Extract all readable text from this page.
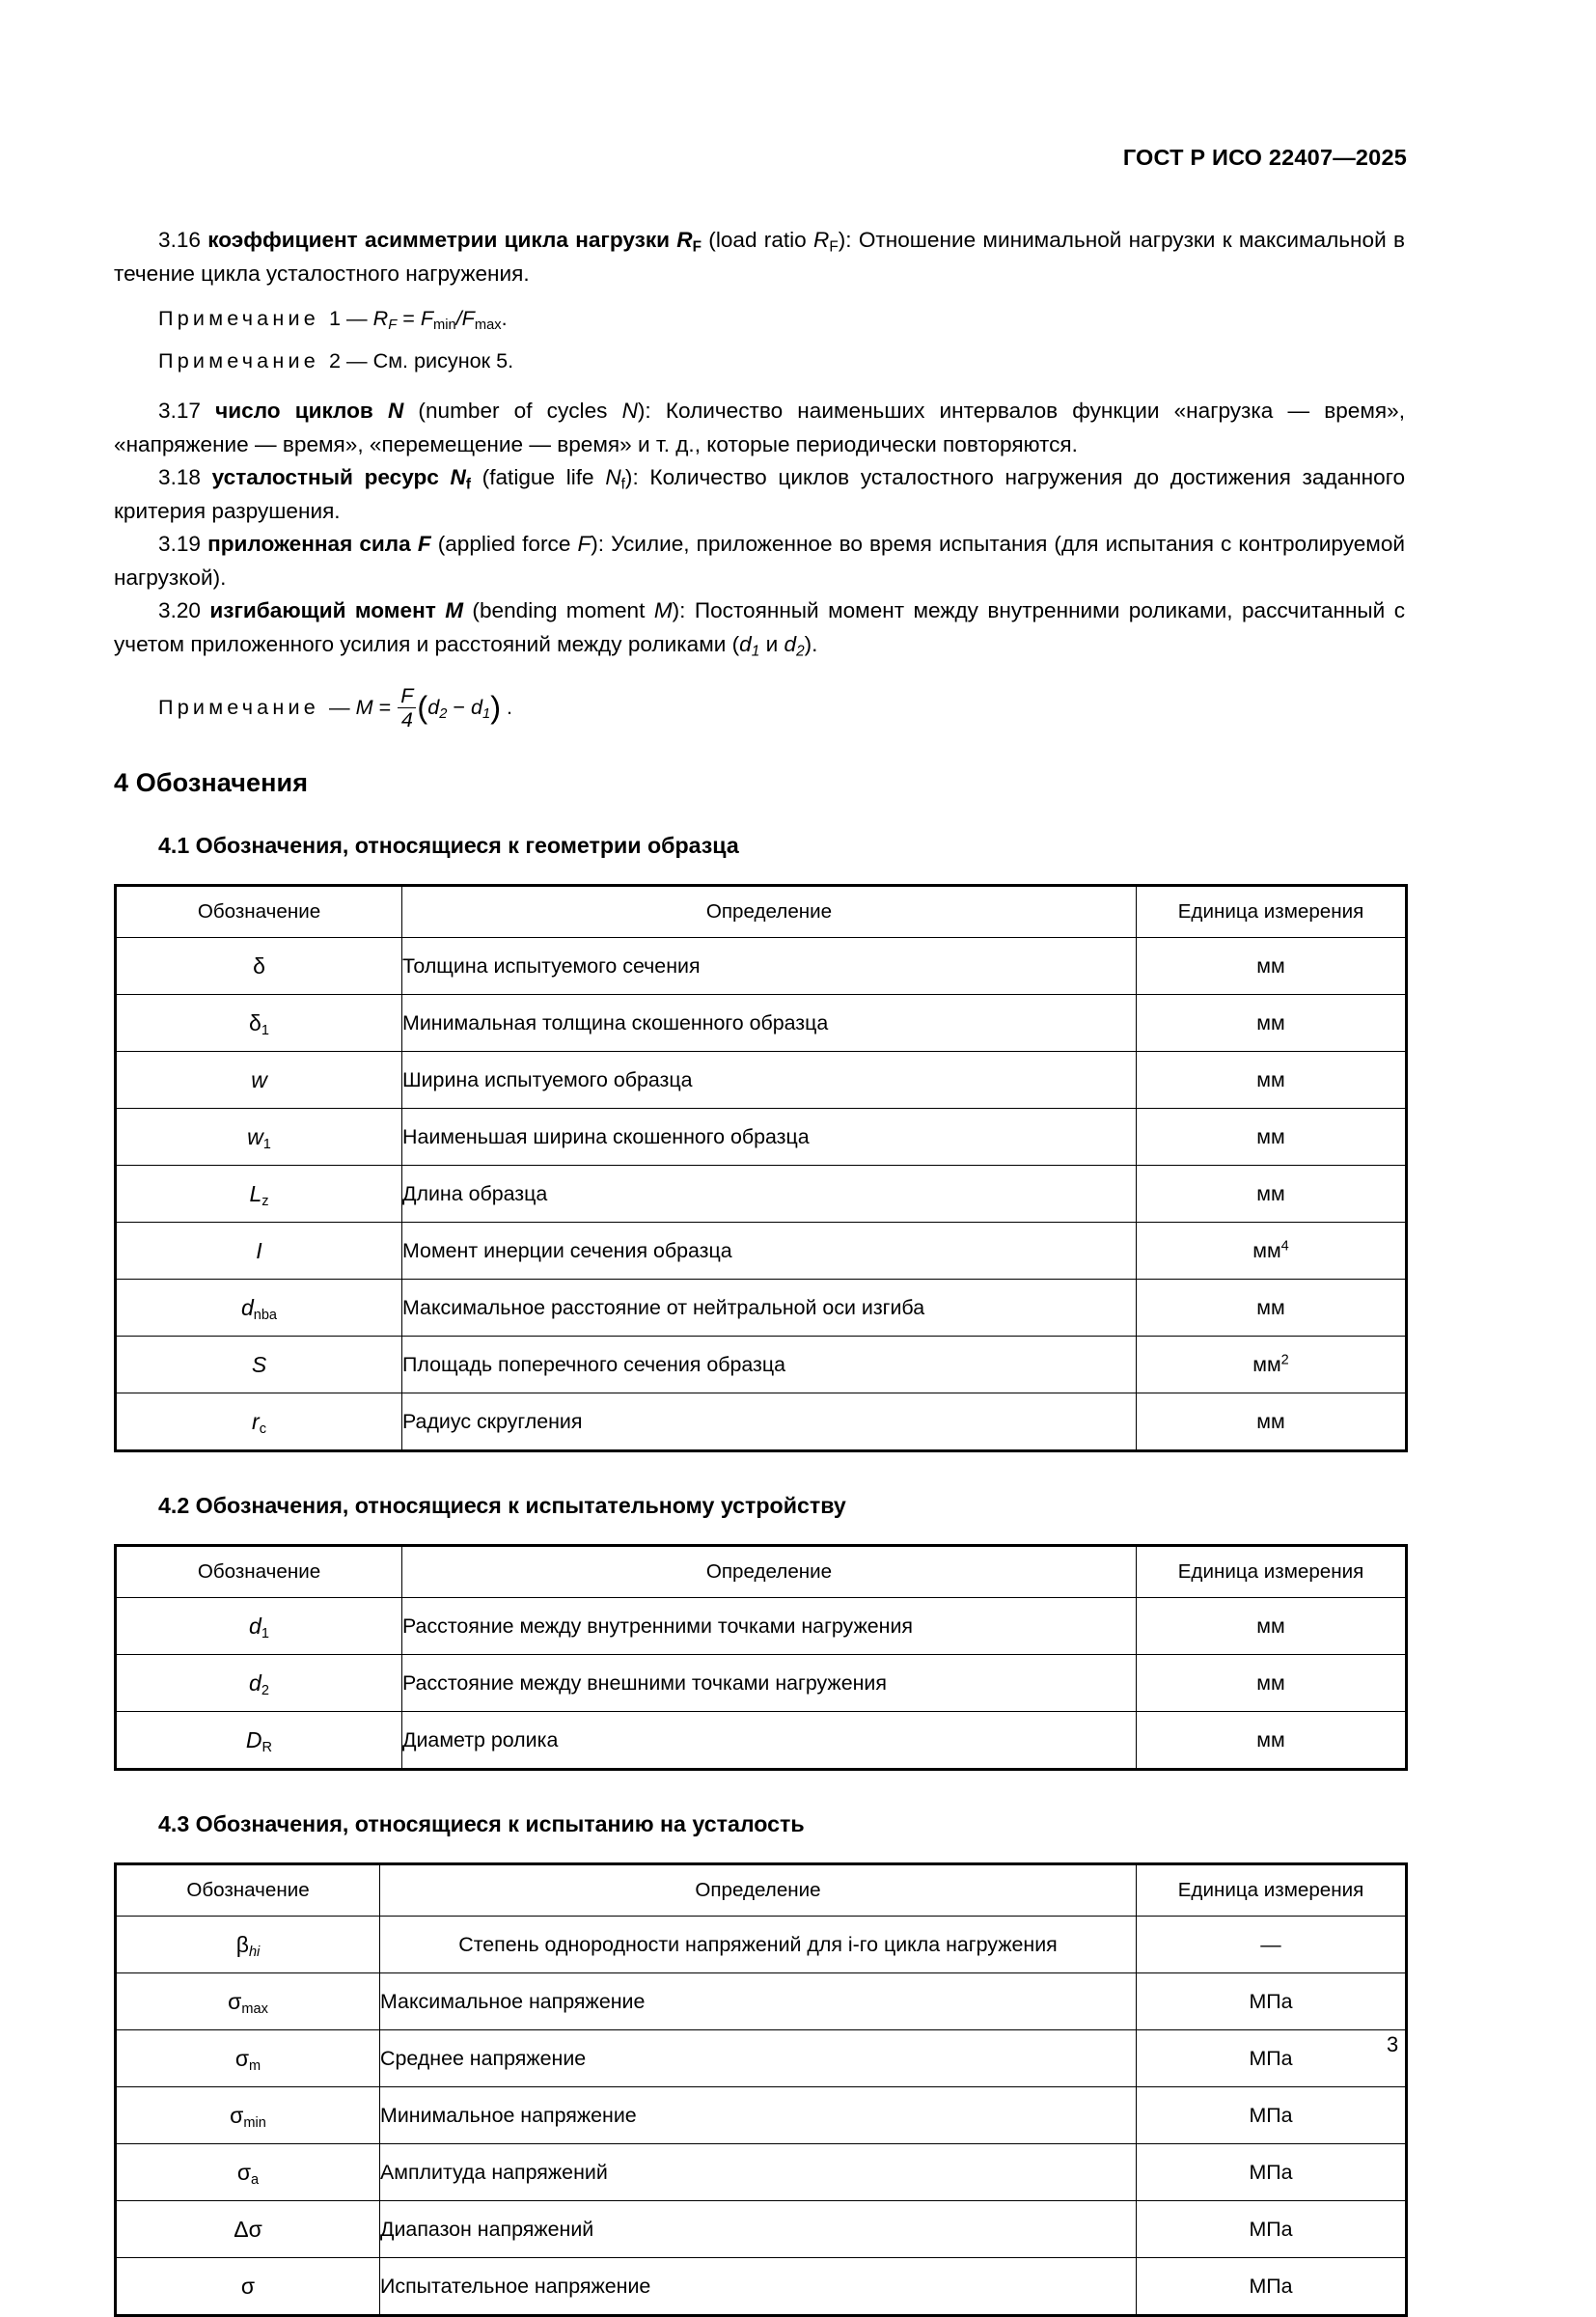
ГОСТ Р ИСО 22407—2025

3.16 коэффициент асимметрии цикла нагрузки $R_F$ (load ratio $R_F$): Отношение минимальной нагрузки к максимальной в течение цикла усталостного нагружения.

Примечание 1 — $R_F = F_{min}/F_{max}$.

Примечание 2 — См. рисунок 5.

3.17 число циклов N (number of cycles N): Количество наименьших интервалов функции «нагрузка — время», «напряжение — время», «перемещение — время» и т. д., которые периодически повторяются.

3.18 усталостный ресурс $N_f$ (fatigue life $N_f$): Количество циклов усталостного нагружения до достижения заданного критерия разрушения.

3.19 приложенная сила F (applied force F): Усилие, приложенное во время испытания (для испытания с контролируемой нагрузкой).

3.20 изгибающий момент M (bending moment M): Постоянный момент между внутренними роликами, рассчитанный с учетом приложенного усилия и расстояний между роликами ($d_1$ и $d_2$).

Примечание — $M = \frac{F}{4} (d_2 - d_1)$ .

4 Обозначения
4.1 Обозначения, относящиеся к геометрии образца
Обозначение	Определение	Единица измерения
δ	Толщина испытуемого сечения	мм
$\delta_1$	Минимальная толщина скошенного образца	мм
w	Ширина испытуемого образца	мм
$w_1$	Наименьшая ширина скошенного образца	мм
$L_z$	Длина образца	мм
I	Момент инерции сечения образца	$мм^4$
$d_{nba}$	Максимальное расстояние от нейтральной оси изгиба	мм
S	Площадь поперечного сечения образца	$мм^2$
$r_c$	Радиус скругления	мм
4.2 Обозначения, относящиеся к испытательному устройству
Обозначение	Определение	Единица измерения
$d_1$	Расстояние между внутренними точками нагружения	мм
$d_2$	Расстояние между внешними точками нагружения	мм
$D_R$	Диаметр ролика	мм
4.3 Обозначения, относящиеся к испытанию на усталость
Обозначение	Определение	Единица измерения
$\beta_{hi}$	Степень однородности напряжений для i-го цикла нагружения	—
$\sigma_{max}$	Максимальное напряжение	МПа
$\sigma_m$	Среднее напряжение	МПа
$\sigma_{min}$	Минимальное напряжение	МПа
$\sigma_a$	Амплитуда напряжений	МПа
Δσ	Диапазон напряжений	МПа
σ	Испытательное напряжение	МПа
3
